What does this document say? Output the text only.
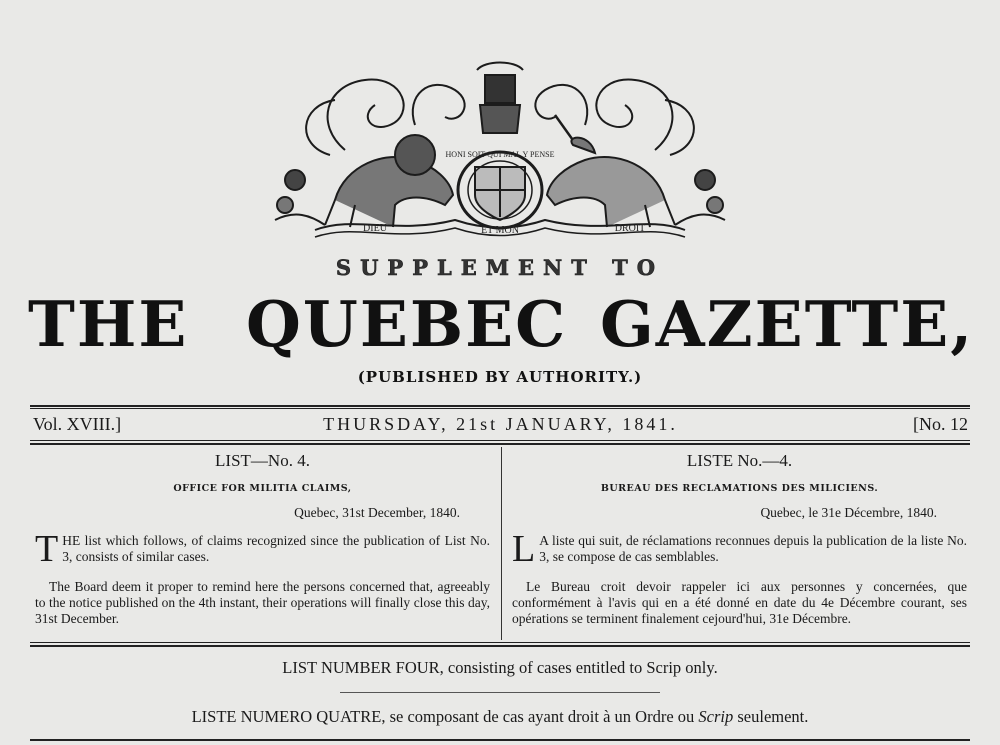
HONI SOIT QUI MAL Y PENSE
DIEU	ET MON	DROIT
SUPPLEMENT TO
THE QUEBEC GAZETTE,
(PUBLISHED BY AUTHORITY.)
Vol. XVIII.]	THURSDAY, 21st JANUARY, 1841.	[No. 12
LIST—No. 4.
OFFICE FOR MILITIA CLAIMS,
Quebec, 31st December, 1840.

THE list which follows, of claims recognized since the publication of List No. 3, consists of similar cases.

The Board deem it proper to remind here the persons concerned that, agreeably to the notice published on the 4th instant, their operations will finally close this day, 31st December.

LISTE No.—4.
BUREAU DES RECLAMATIONS DES MILICIENS.
Quebec, le 31e Décembre, 1840.

L A liste qui suit, de réclamations reconnues depuis la publication de la liste No. 3, se compose de cas semblables.

Le Bureau croit devoir rappeler ici aux personnes y concernées, que conformément à l'avis qui en a été donné en date du 4e Décembre courant, ses opérations se terminent finalement cejourd'hui, 31e Décembre.

LIST NUMBER FOUR, consisting of cases entitled to Scrip only.
LISTE NUMERO QUATRE, se composant de cas ayant droit à un Ordre ou Scrip seulement.
